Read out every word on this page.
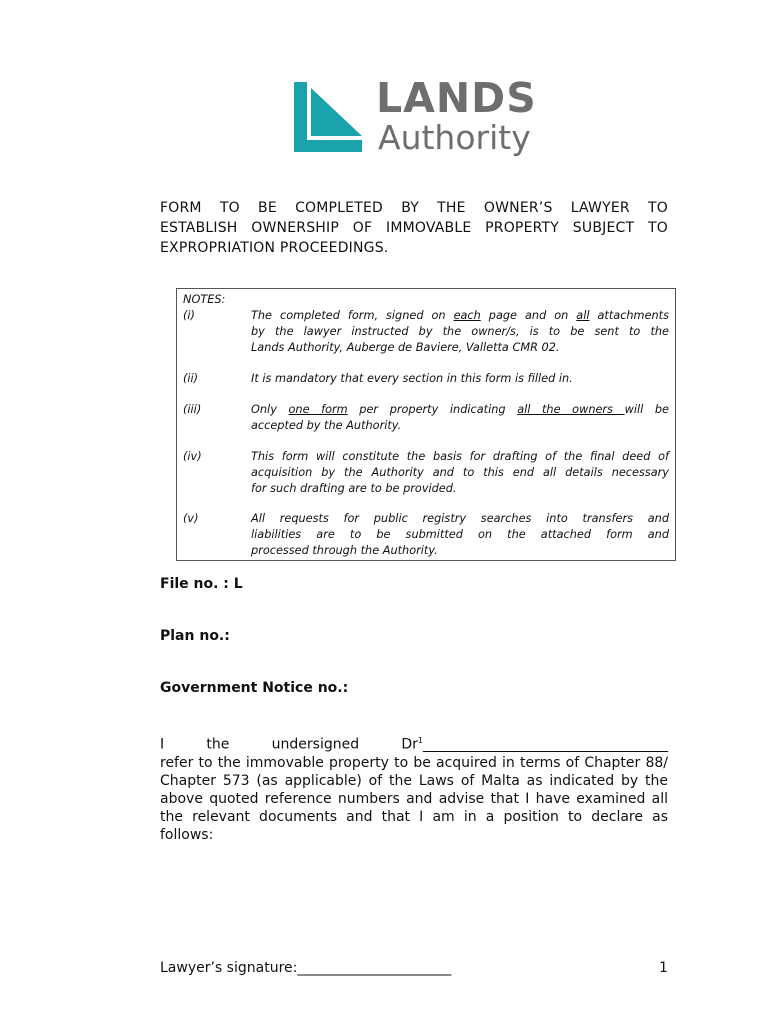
LANDS
Authority
FORM TO BE COMPLETED BY THE OWNER’S LAWYER TO
ESTABLISH OWNERSHIP OF IMMOVABLE PROPERTY SUBJECT TO
EXPROPRIATION PROCEEDINGS.
NOTES:
(i)	The completed form, signed on each page and on all attachments
by the lawyer instructed by the owner/s, is to be sent to the
Lands Authority, Auberge de Baviere, Valletta CMR 02.
(ii)	It is mandatory that every section in this form is filled in.
(iii)	Only one form per property indicating all the owners will be
accepted by the Authority.
(iv)	This form will constitute the basis for drafting of the final deed of
acquisition by the Authority and to this end all details necessary
for such drafting are to be provided.
(v)	All requests for public registry searches into transfers and
liabilities are to be submitted on the attached form and
processed through the Authority.
File no. : L
Plan no.:
Government Notice no.:
I the undersigned Dr$^1$___________________________________
refer to the immovable property to be acquired in terms of Chapter 88/
Chapter 573 (as applicable) of the Laws of Malta as indicated by the
above quoted reference numbers and advise that I have examined all
the relevant documents and that I am in a position to declare as
follows:
Lawyer’s signature:______________________	1
